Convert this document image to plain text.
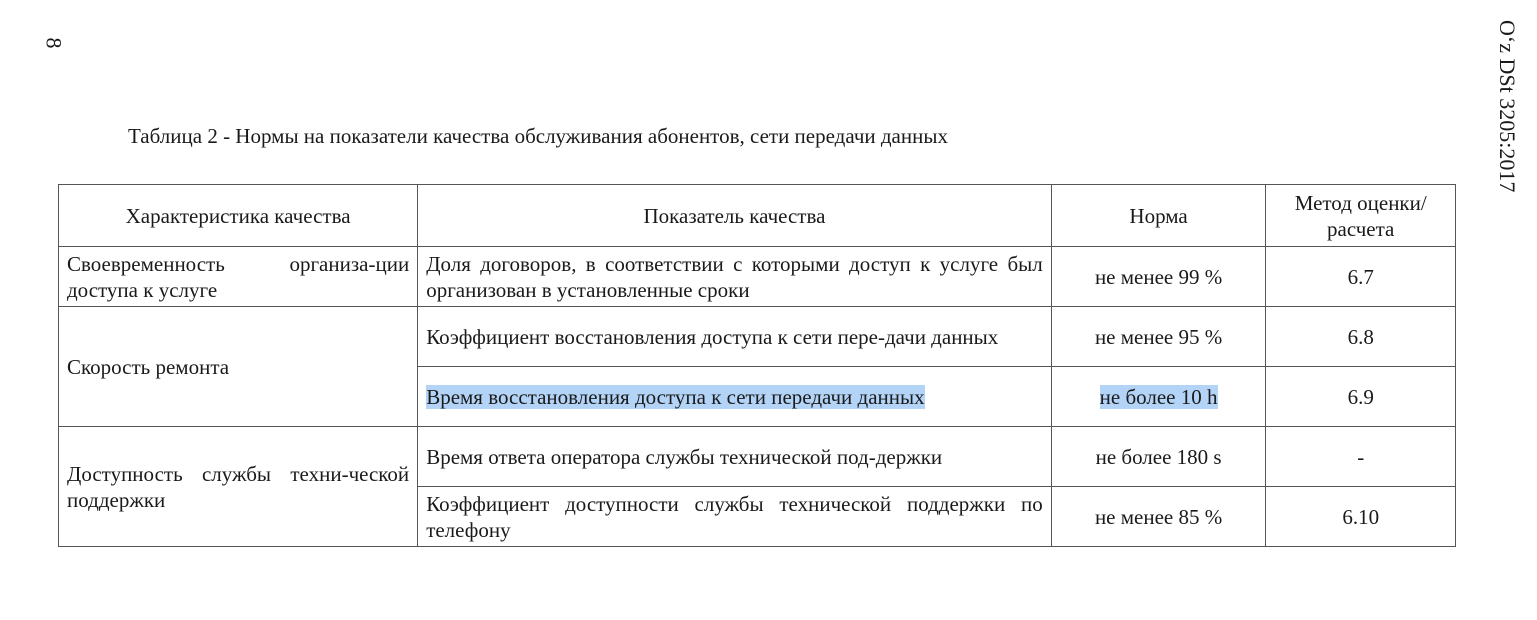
8	O‘z DSt 3205:2017
Таблица 2 - Нормы на показатели качества обслуживания абонентов, сети передачи данных
Характеристика качества	Показатель качества	Норма	Метод оценки/расчета
Своевременность организа-ции доступа к услуге	Доля договоров, в соответствии с которыми доступ к услуге был организован в установленные сроки	не менее 99 %	6.7
Скорость ремонта	Коэффициент восстановления доступа к сети пере-дачи данных	не менее 95 %	6.8
	Время восстановления доступа к сети передачи данных	не более 10 h	6.9
Доступность службы техни-ческой поддержки	Время ответа оператора службы технической под-держки	не более 180 s	-
	Коэффициент доступности службы технической поддержки по телефону	не менее 85 %	6.10
